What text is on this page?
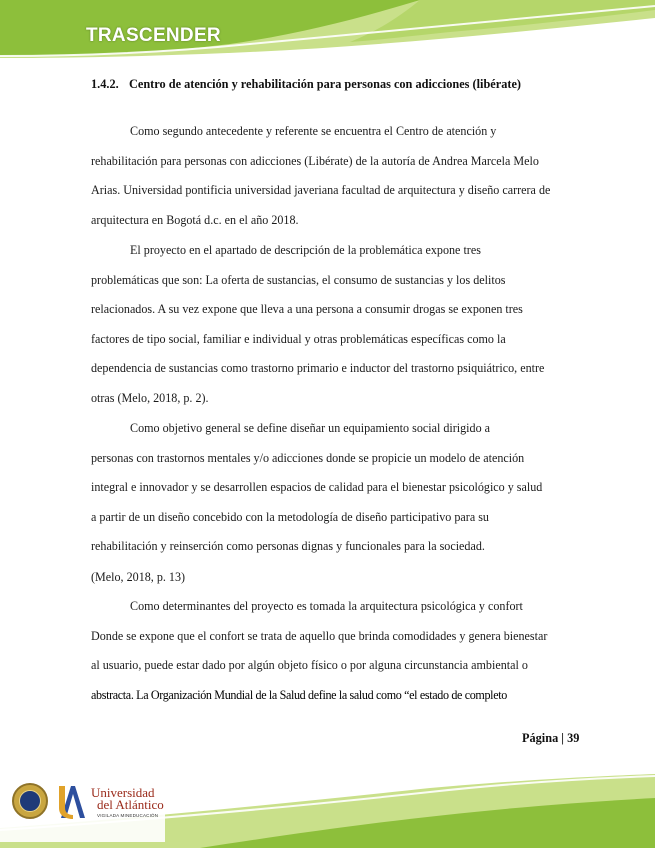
TRASCENDER
1.4.2. Centro de atención y rehabilitación para personas con adicciones (libérate)
Como segundo antecedente y referente se encuentra el Centro de atención y
rehabilitación para personas con adicciones (Libérate) de la autoría de Andrea Marcela Melo
Arias. Universidad pontificia universidad javeriana facultad de arquitectura y diseño carrera de
arquitectura en Bogotá d.c. en el año 2018.
El proyecto en el apartado de descripción de la problemática expone tres
problemáticas que son: La oferta de sustancias, el consumo de sustancias y los delitos
relacionados. A su vez expone que lleva a una persona a consumir drogas se exponen tres
factores de tipo social, familiar e individual y otras problemáticas específicas como la
dependencia de sustancias como trastorno primario e inductor del trastorno psiquiátrico, entre
otras (Melo, 2018, p. 2).
Como objetivo general se define diseñar un equipamiento social dirigido a
personas con trastornos mentales y/o adicciones donde se propicie un modelo de atención
integral e innovador y se desarrollen espacios de calidad para el bienestar psicológico y salud
a partir de un diseño concebido con la metodología de diseño participativo para su
rehabilitación y reinserción como personas dignas y funcionales para la sociedad.
(Melo, 2018, p. 13)
Como determinantes del proyecto es tomada la arquitectura psicológica y confort
Donde se expone que el confort se trata de aquello que brinda comodidades y genera bienestar
al usuario, puede estar dado por algún objeto físico o por alguna circunstancia ambiental o
abstracta. La Organización Mundial de la Salud define la salud como “el estado de completo
Página | 39
Universidad
del Atlántico
VIGILADA MINEDUCACIÓN
